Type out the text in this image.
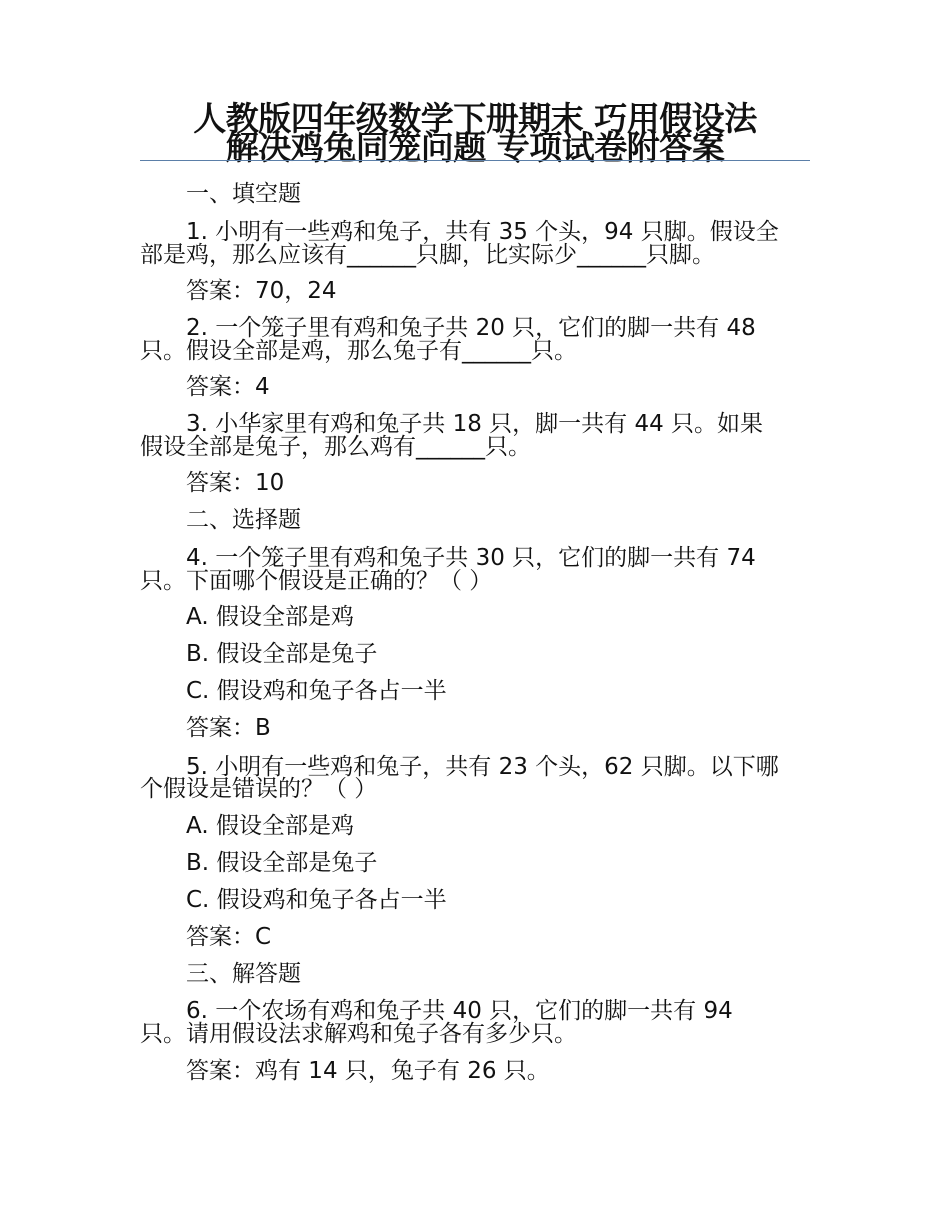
人教版四年级数学下册期末 巧用假设法
解决鸡兔同笼问题 专项试卷附答案
一、填空题
1. 小明有一些鸡和兔子，共有 35 个头，94 只脚。假设全
部是鸡，那么应该有______只脚，比实际少______只脚。
答案：70，24
2. 一个笼子里有鸡和兔子共 20 只，它们的脚一共有 48
只。假设全部是鸡，那么兔子有______只。
答案：4
3. 小华家里有鸡和兔子共 18 只，脚一共有 44 只。如果
假设全部是兔子，那么鸡有______只。
答案：10
二、选择题
4. 一个笼子里有鸡和兔子共 30 只，它们的脚一共有 74
只。下面哪个假设是正确的？（ ）
A. 假设全部是鸡
B. 假设全部是兔子
C. 假设鸡和兔子各占一半
答案：B
5. 小明有一些鸡和兔子，共有 23 个头，62 只脚。以下哪
个假设是错误的？（ ）
A. 假设全部是鸡
B. 假设全部是兔子
C. 假设鸡和兔子各占一半
答案：C
三、解答题
6. 一个农场有鸡和兔子共 40 只，它们的脚一共有 94
只。请用假设法求解鸡和兔子各有多少只。
答案：鸡有 14 只，兔子有 26 只。
